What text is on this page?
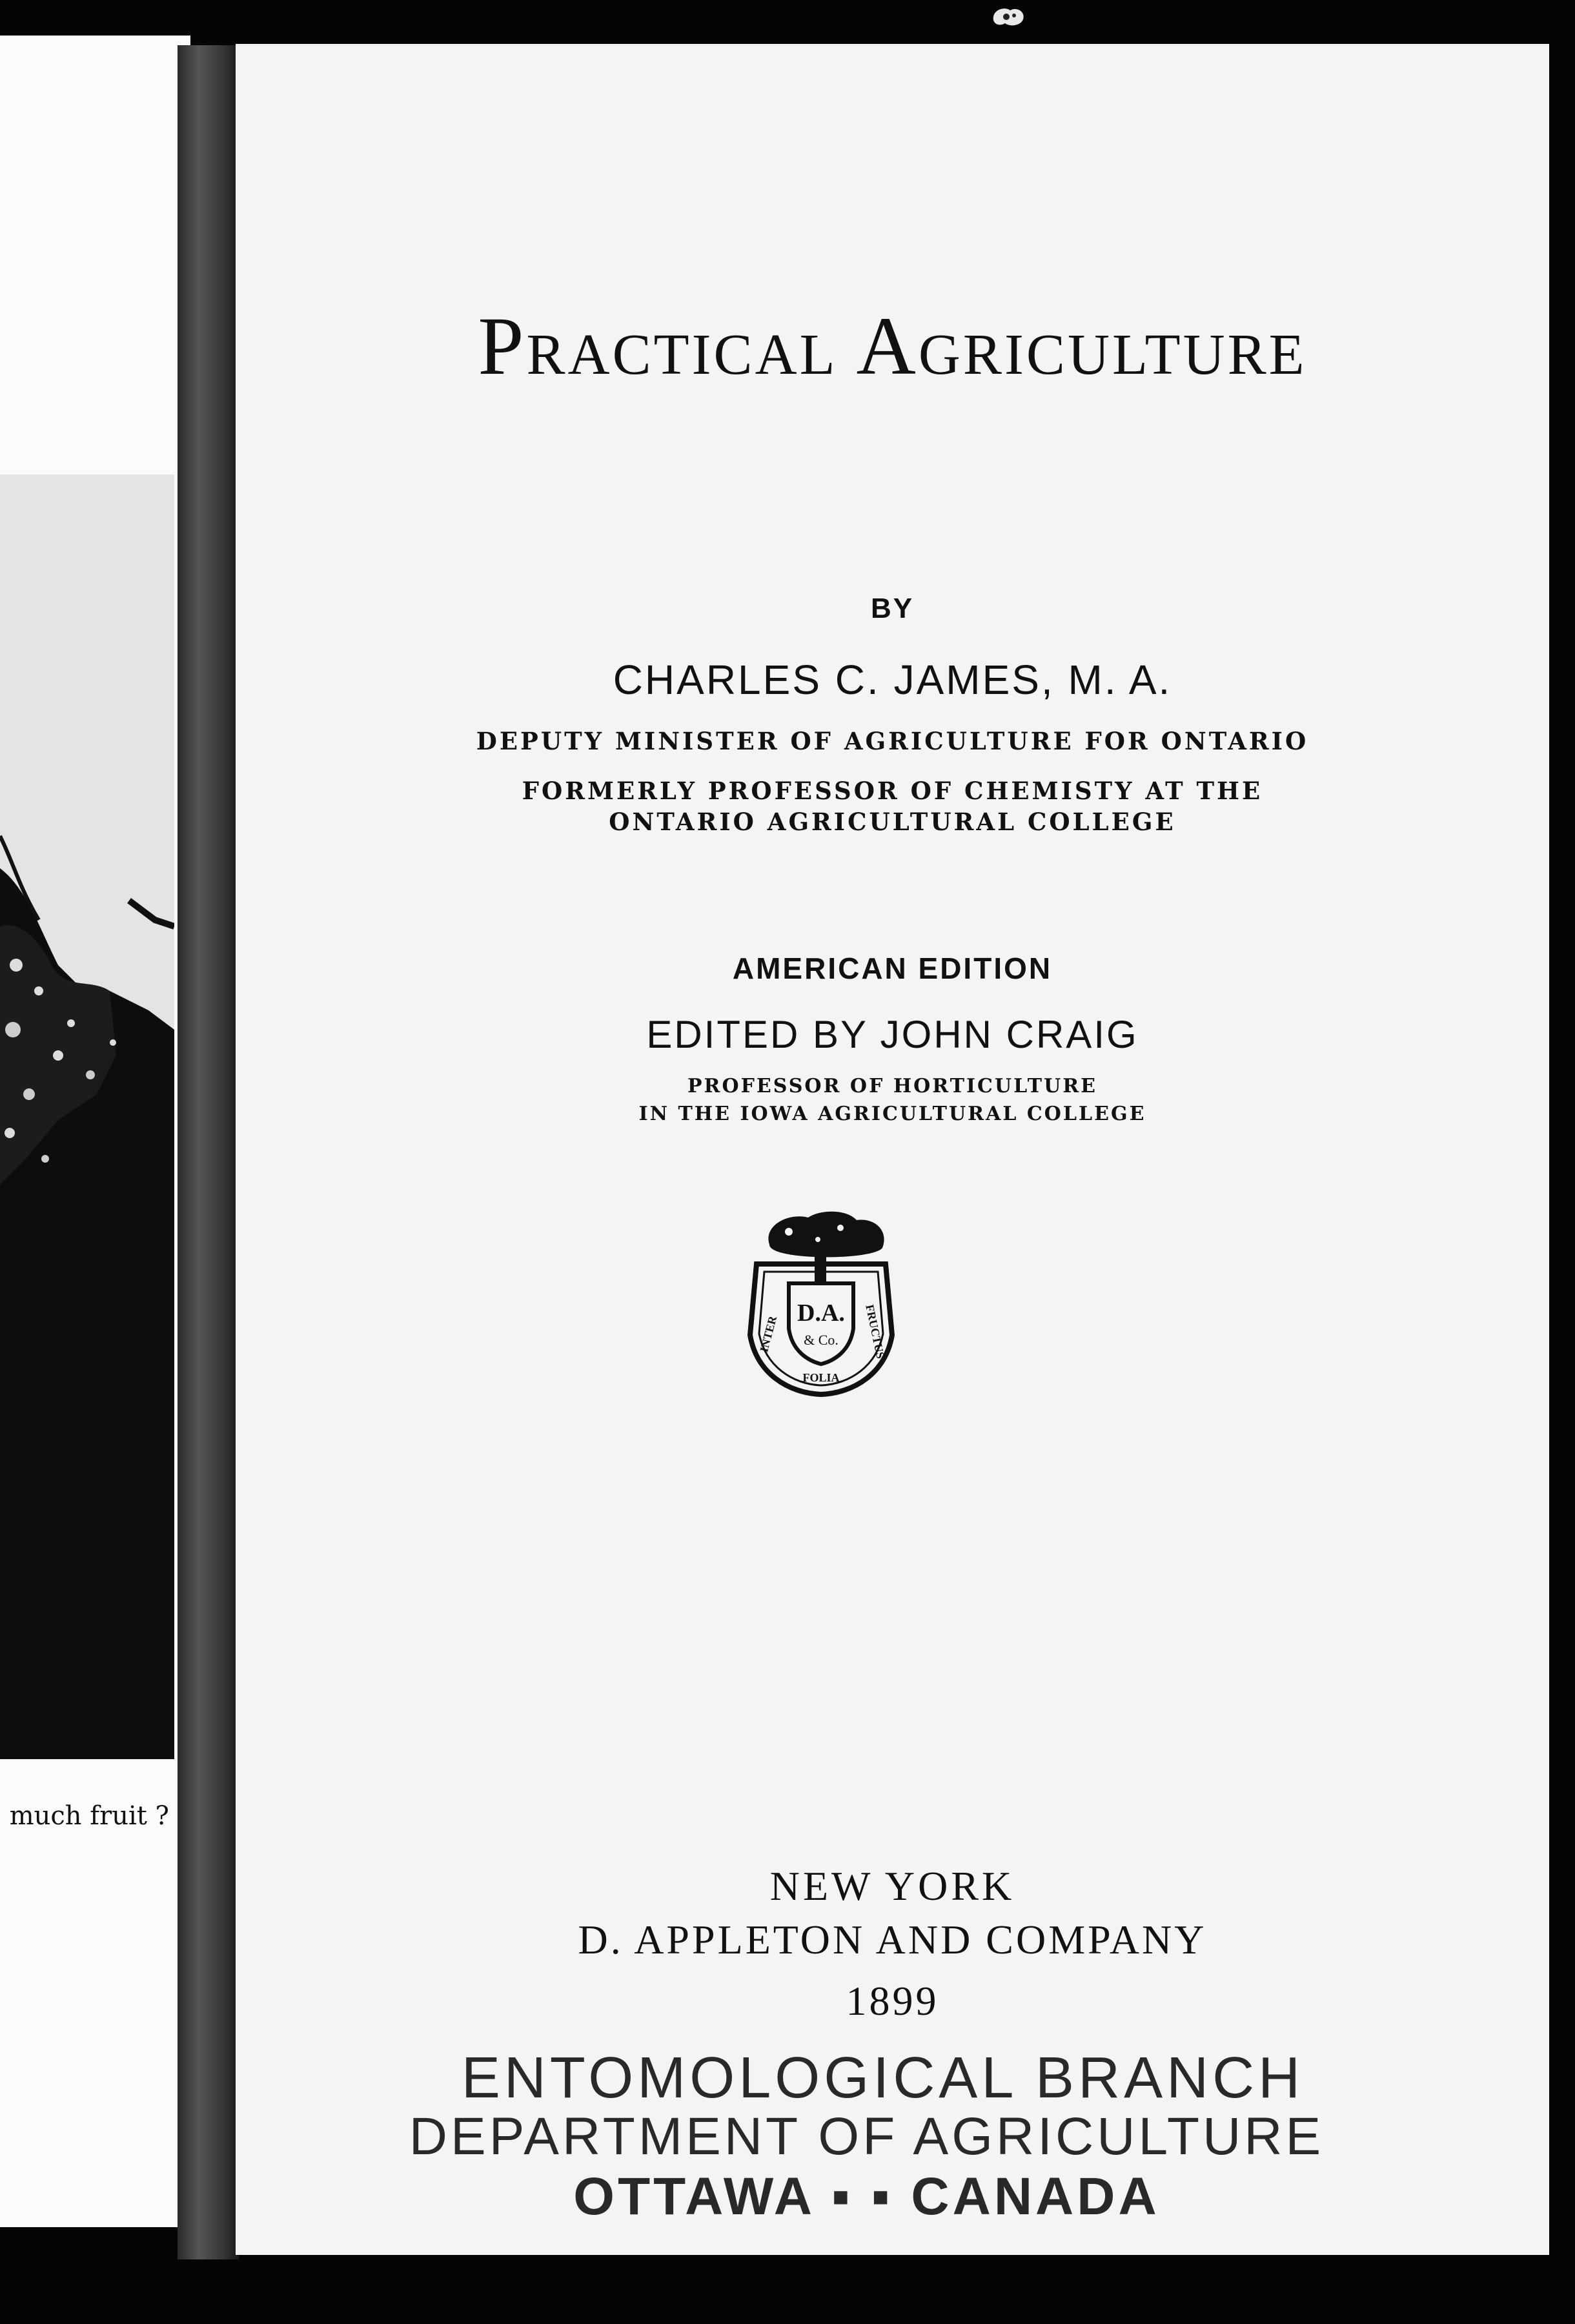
much fruit ?
Practical Agriculture
BY
CHARLES C. JAMES, M. A.
DEPUTY MINISTER OF AGRICULTURE FOR ONTARIO
FORMERLY PROFESSOR OF CHEMISTY AT THE
ONTARIO AGRICULTURAL COLLEGE
AMERICAN EDITION
EDITED BY JOHN CRAIG
PROFESSOR OF HORTICULTURE
IN THE IOWA AGRICULTURAL COLLEGE
D.A.
& Co.
INTER
FOLIA
FRUCTUS
NEW YORK
D. APPLETON AND COMPANY
1899
ENTOMOLOGICAL BRANCH
DEPARTMENT OF AGRICULTURE
OTTAWA ▪ ▪ CANADA
